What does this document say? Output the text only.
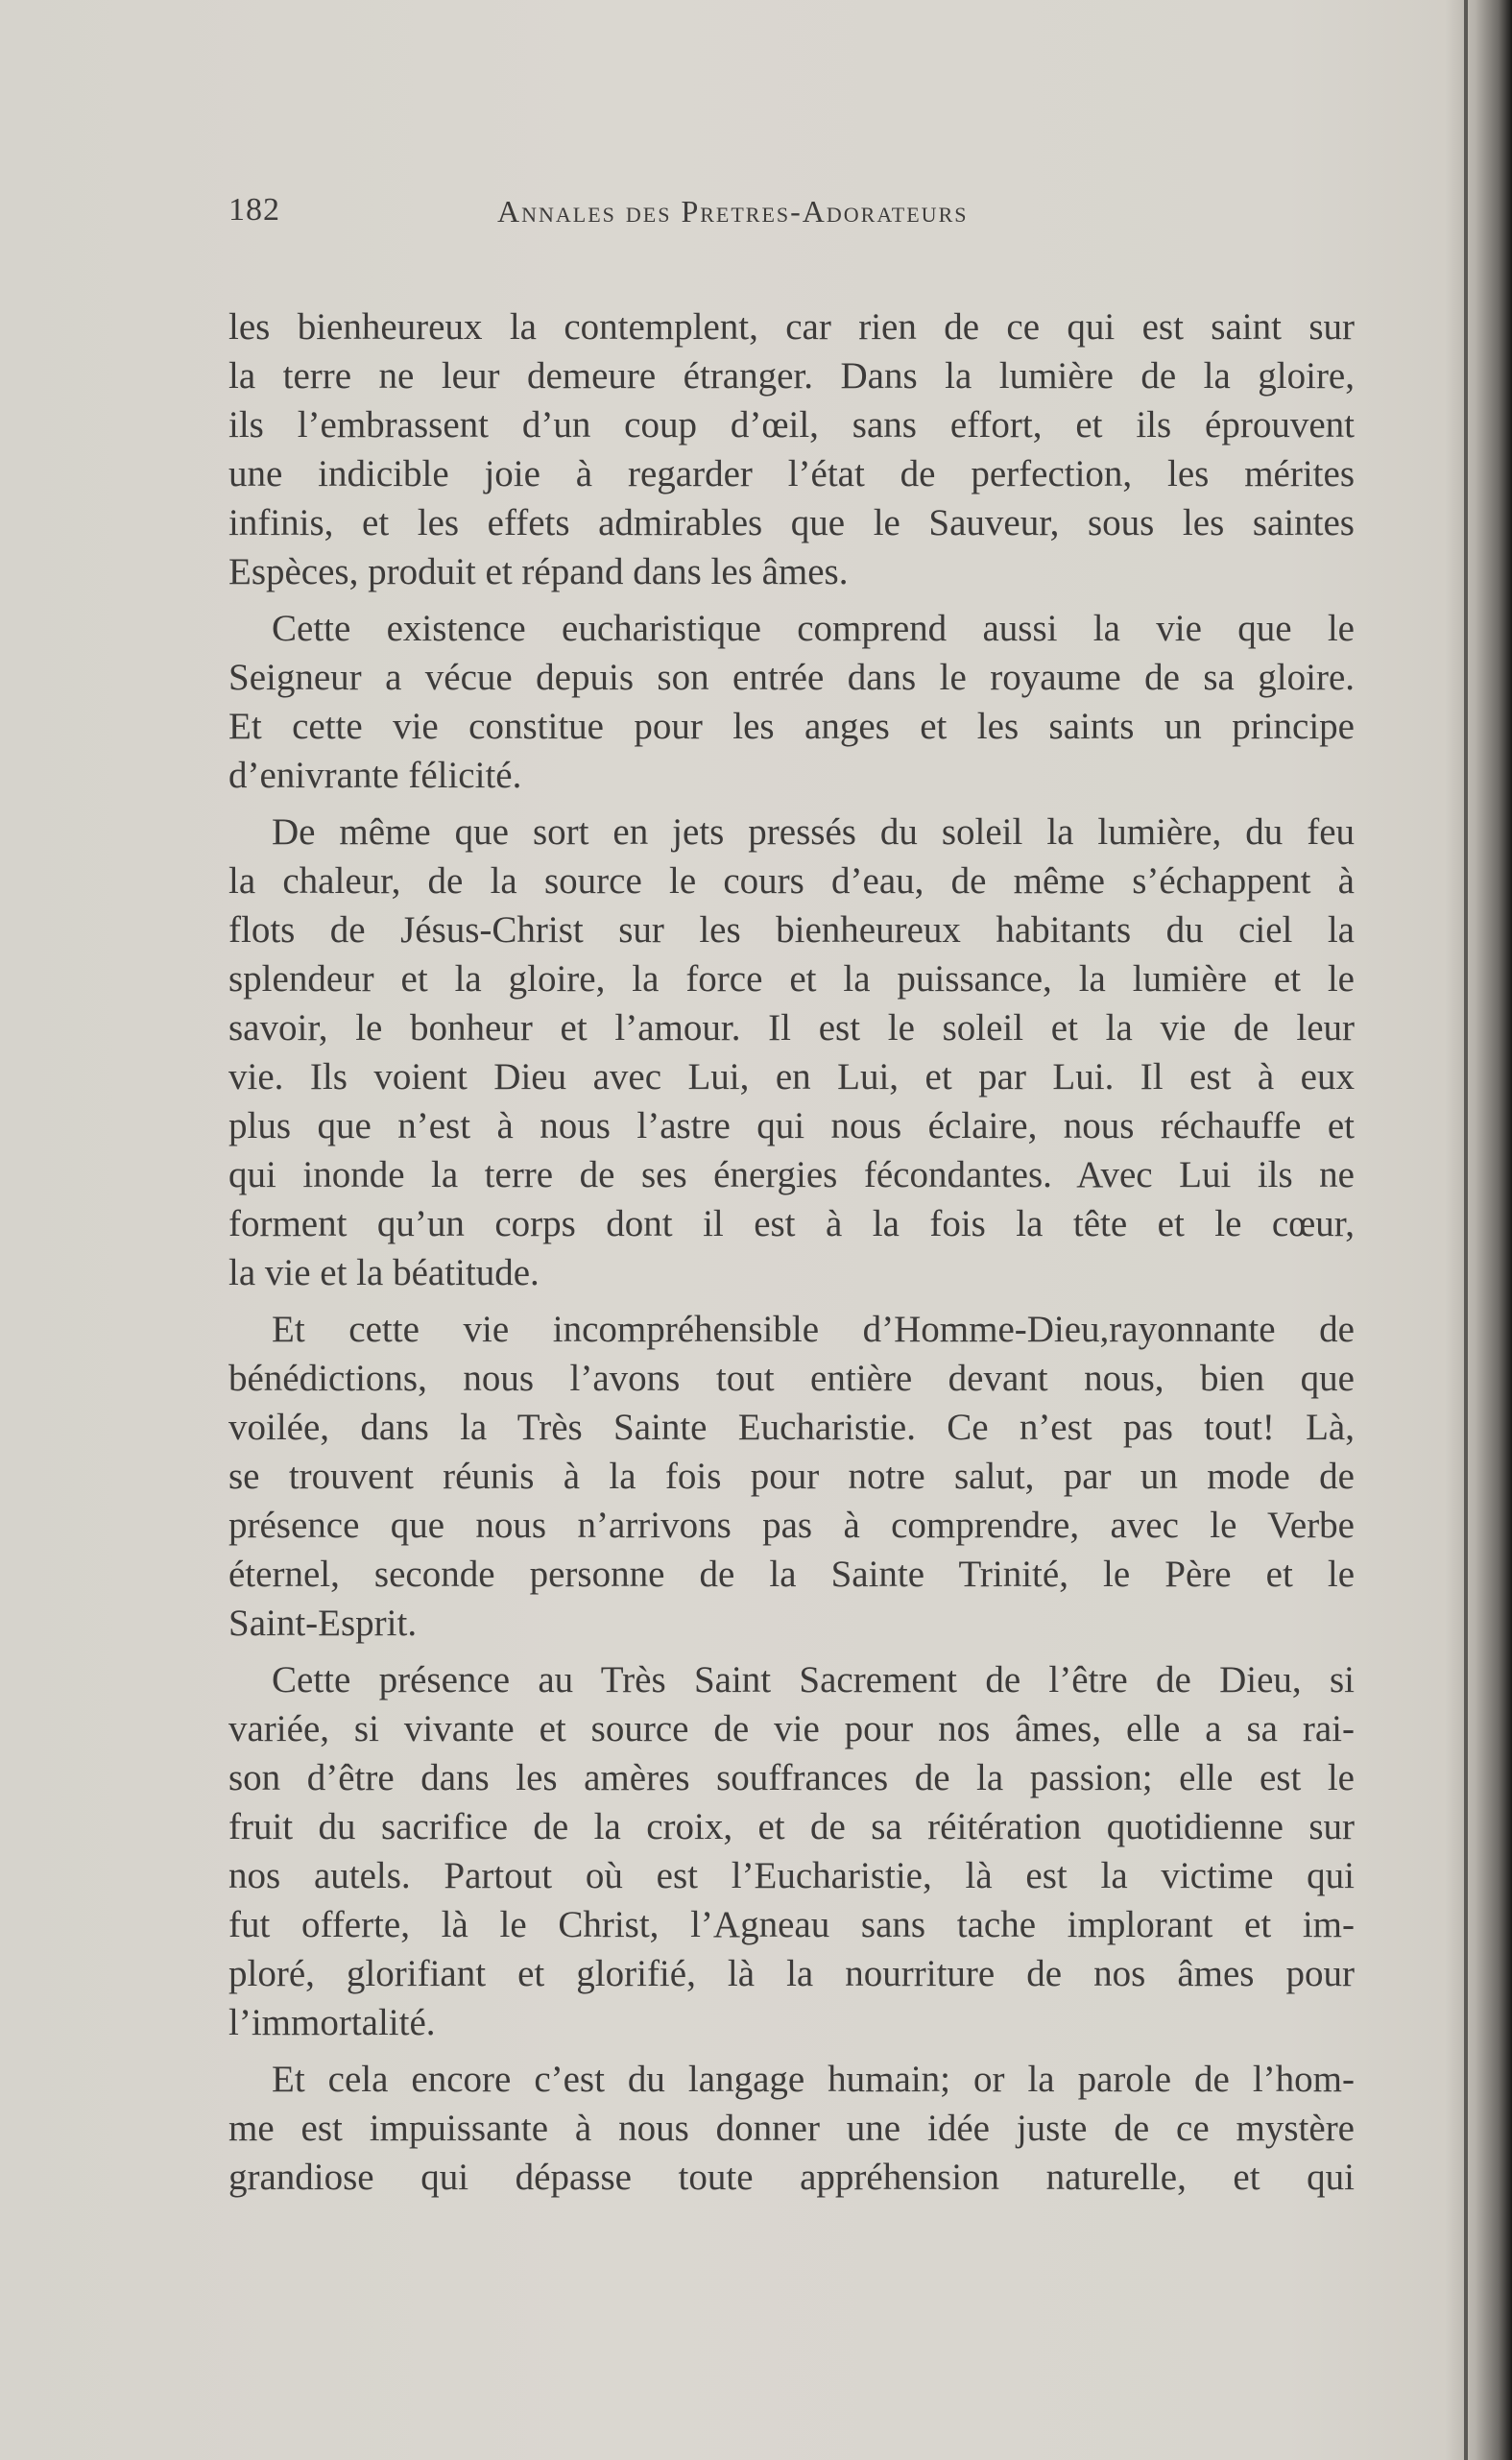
182	Annales des Pretres-Adorateurs
les bienheureux la contemplent, car rien de ce qui est saint sur
la terre ne leur demeure étranger. Dans la lumière de la gloire,
ils l’embrassent d’un coup d’œil, sans effort, et ils éprouvent
une indicible joie à regarder l’état de perfection, les mérites
infinis, et les effets admirables que le Sauveur, sous les saintes
Espèces, produit et répand dans les âmes.
Cette existence eucharistique comprend aussi la vie que le
Seigneur a vécue depuis son entrée dans le royaume de sa gloire.
Et cette vie constitue pour les anges et les saints un principe
d’enivrante félicité.
De même que sort en jets pressés du soleil la lumière, du feu
la chaleur, de la source le cours d’eau, de même s’échappent à
flots de Jésus-Christ sur les bienheureux habitants du ciel la
splendeur et la gloire, la force et la puissance, la lumière et le
savoir, le bonheur et l’amour. Il est le soleil et la vie de leur
vie. Ils voient Dieu avec Lui, en Lui, et par Lui. Il est à eux
plus que n’est à nous l’astre qui nous éclaire, nous réchauffe et
qui inonde la terre de ses énergies fécondantes. Avec Lui ils ne
forment qu’un corps dont il est à la fois la tête et le cœur,
la vie et la béatitude.
Et cette vie incompréhensible d’Homme-Dieu,rayonnante de
bénédictions, nous l’avons tout entière devant nous, bien que
voilée, dans la Très Sainte Eucharistie. Ce n’est pas tout! Là,
se trouvent réunis à la fois pour notre salut, par un mode de
présence que nous n’arrivons pas à comprendre, avec le Verbe
éternel, seconde personne de la Sainte Trinité, le Père et le
Saint-Esprit.
Cette présence au Très Saint Sacrement de l’être de Dieu, si
variée, si vivante et source de vie pour nos âmes, elle a sa rai-
son d’être dans les amères souffrances de la passion; elle est le
fruit du sacrifice de la croix, et de sa réitération quotidienne sur
nos autels. Partout où est l’Eucharistie, là est la victime qui
fut offerte, là le Christ, l’Agneau sans tache implorant et im-
ploré, glorifiant et glorifié, là la nourriture de nos âmes pour
l’immortalité.
Et cela encore c’est du langage humain; or la parole de l’hom-
me est impuissante à nous donner une idée juste de ce mystère
grandiose qui dépasse toute appréhension naturelle, et qui
